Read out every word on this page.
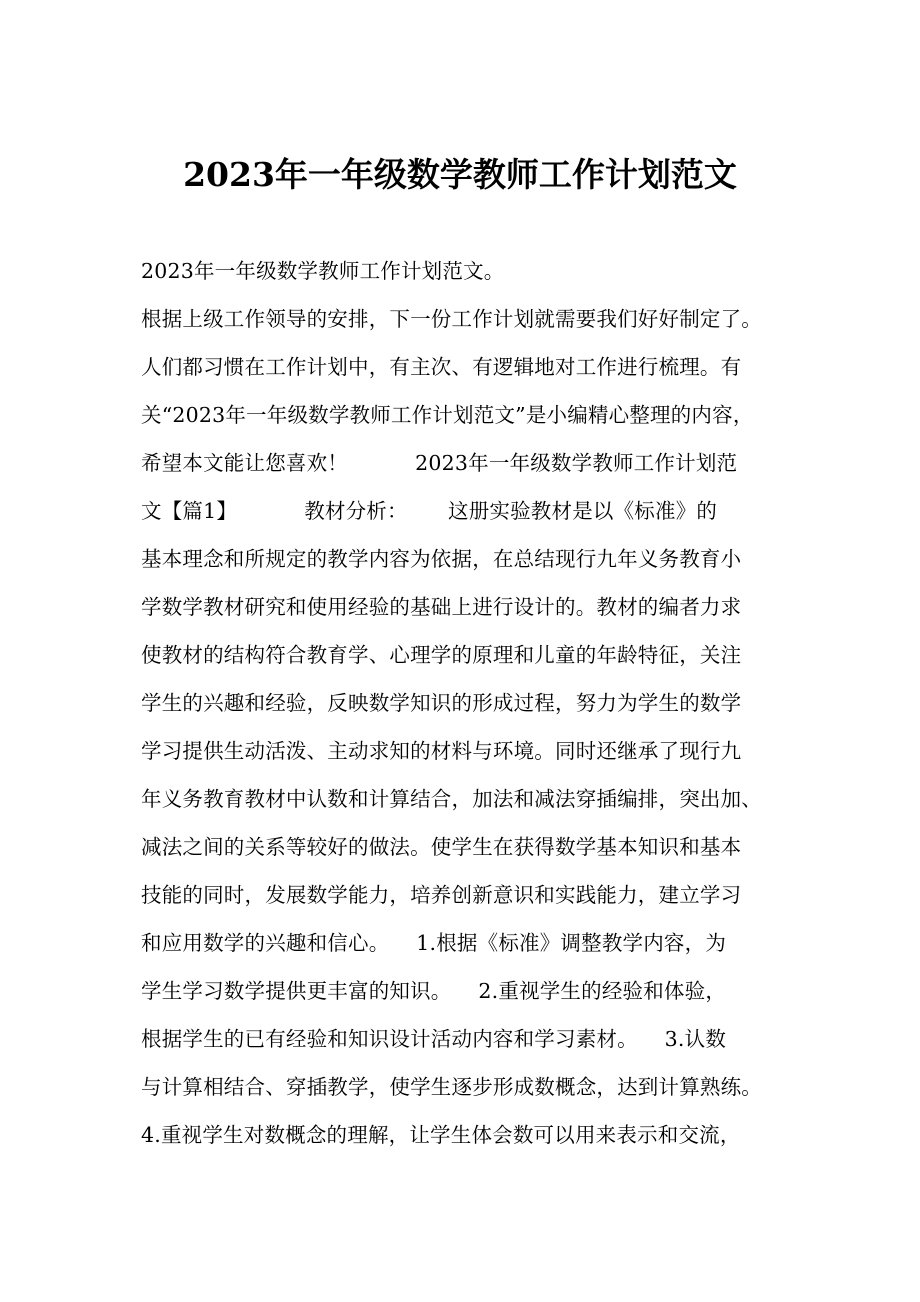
2023年一年级数学教师工作计划范文
2023年一年级数学教师工作计划范文。
根据上级工作领导的安排，下一份工作计划就需要我们好好制定了。
人们都习惯在工作计划中，有主次、有逻辑地对工作进行梳理。有
关“2023年一年级数学教师工作计划范文”是小编精心整理的内容，
希望本文能让您喜欢！          2023年一年级数学教师工作计划范
文【篇1】          教材分析：      这册实验教材是以《标准》的
基本理念和所规定的教学内容为依据，在总结现行九年义务教育小
学数学教材研究和使用经验的基础上进行设计的。教材的编者力求
使教材的结构符合教育学、心理学的原理和儿童的年龄特征，关注
学生的兴趣和经验，反映数学知识的形成过程，努力为学生的数学
学习提供生动活泼、主动求知的材料与环境。同时还继承了现行九
年义务教育教材中认数和计算结合，加法和减法穿插编排，突出加、
减法之间的关系等较好的做法。使学生在获得数学基本知识和基本
技能的同时，发展数学能力，培养创新意识和实践能力，建立学习
和应用数学的兴趣和信心。    1.根据《标准》调整教学内容，为
学生学习数学提供更丰富的知识。    2.重视学生的经验和体验，
根据学生的已有经验和知识设计活动内容和学习素材。    3.认数
与计算相结合、穿插教学，使学生逐步形成数概念，达到计算熟练。
4.重视学生对数概念的理解，让学生体会数可以用来表示和交流，
